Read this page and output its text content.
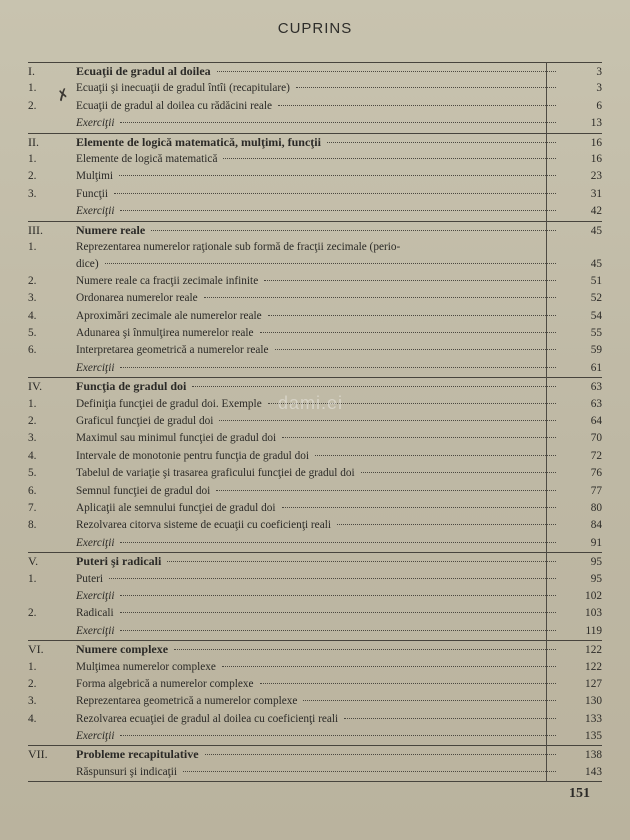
CUPRINS
I.	Ecuaţii de gradul al doilea	3
1.	Ecuaţii şi inecuaţii de gradul întîi (recapitulare)	3
2.	Ecuaţii de gradul al doilea cu rădăcini reale	6
Exerciţii	13
II.	Elemente de logică matematică, mulţimi, funcţii	16
1.	Elemente de logică matematică	16
2.	Mulţimi	23
3.	Funcţii	31
Exerciţii	42
III.	Numere reale	45
1.	Reprezentarea numerelor raţionale sub formă de fracţii zecimale (perio-
dice)	45
2.	Numere reale ca fracţii zecimale infinite	51
3.	Ordonarea numerelor reale	52
4.	Aproximări zecimale ale numerelor reale	54
5.	Adunarea şi înmulţirea numerelor reale	55
6.	Interpretarea geometrică a numerelor reale	59
Exerciţii	61
IV.	Funcţia de gradul doi	63
1.	Definiţia funcţiei de gradul doi. Exemple	63
2.	Graficul funcţiei de gradul doi	64
3.	Maximul sau minimul funcţiei de gradul doi	70
4.	Intervale de monotonie pentru funcţia de gradul doi	72
5.	Tabelul de variaţie şi trasarea graficului funcţiei de gradul doi	76
6.	Semnul funcţiei de gradul doi	77
7.	Aplicaţii ale semnului funcţiei de gradul doi	80
8.	Rezolvarea citorva sisteme de ecuaţii cu coeficienţi reali	84
Exerciţii	91
V.	Puteri şi radicali	95
1.	Puteri	95
Exerciţii	102
2.	Radicali	103
Exerciţii	119
VI.	Numere complexe	122
1.	Mulţimea numerelor complexe	122
2.	Forma algebrică a numerelor complexe	127
3.	Reprezentarea geometrică a numerelor complexe	130
4.	Rezolvarea ecuaţiei de gradul al doilea cu coeficienţi reali	133
Exerciţii	135
VII.	Probleme recapitulative	138
Răspunsuri şi indicaţii	143
✗
dami.ei
151
